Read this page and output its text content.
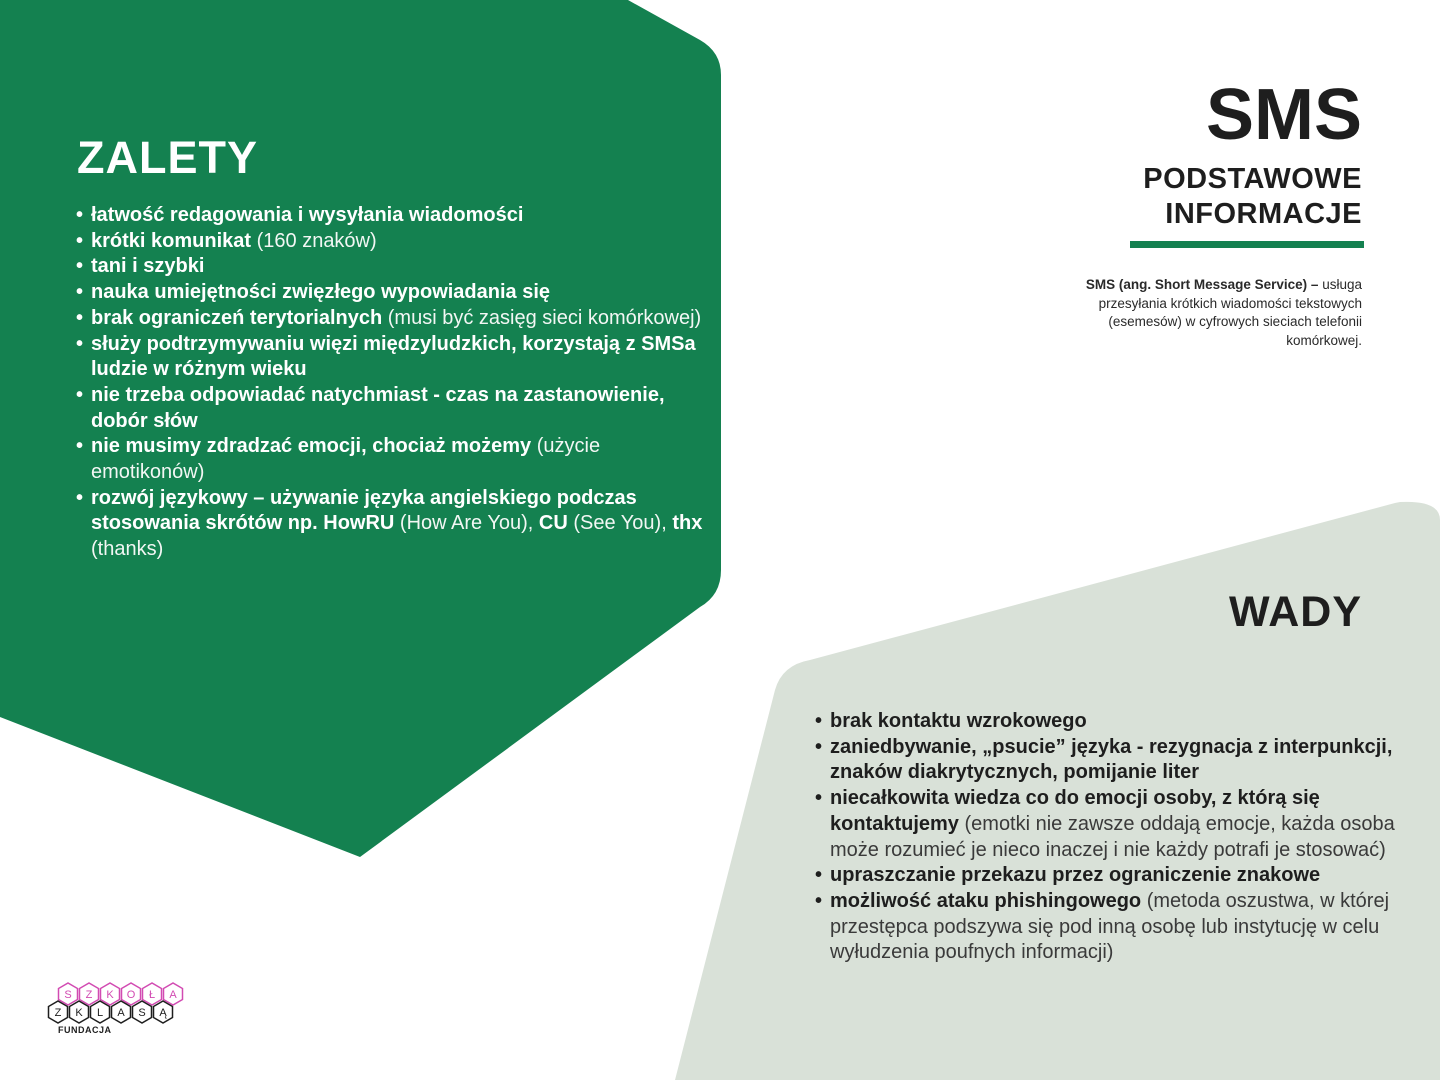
ZALETY
• łatwość redagowania i wysyłania wiadomości
• krótki komunikat (160 znaków)
• tani i szybki
• nauka umiejętności zwięzłego wypowiadania się
• brak ograniczeń terytorialnych (musi być zasięg sieci komórkowej)
• służy podtrzymywaniu więzi międzyludzkich, korzystają z SMSa ludzie w różnym wieku
• nie trzeba odpowiadać natychmiast - czas na zastanowienie, dobór słów
• nie musimy zdradzać emocji, chociaż możemy (użycie emotikonów)
• rozwój językowy – używanie języka angielskiego podczas stosowania skrótów np. HowRU (How Are You), CU (See You), thx (thanks)
SMS
PODSTAWOWE
INFORMACJE

SMS (ang. Short Message Service) – usługa przesyłania krótkich wiadomości tekstowych (esemesów) w cyfrowych sieciach telefonii komórkowej.

WADY
• brak kontaktu wzrokowego
• zaniedbywanie, „psucie” języka - rezygnacja z interpunkcji, znaków diakrytycznych, pomijanie liter
• niecałkowita wiedza co do emocji osoby, z którą się kontaktujemy (emotki nie zawsze oddają emocje, każda osoba może rozumieć je nieco inaczej i nie każdy potrafi je stosować)
• upraszczanie przekazu przez ograniczenie znakowe
• możliwość ataku phishingowego (metoda oszustwa, w której przestępca podszywa się pod inną osobę lub instytucję w celu wyłudzenia poufnych informacji)
S Z K O Ł A
Z K L A S Ą

FUNDACJA
